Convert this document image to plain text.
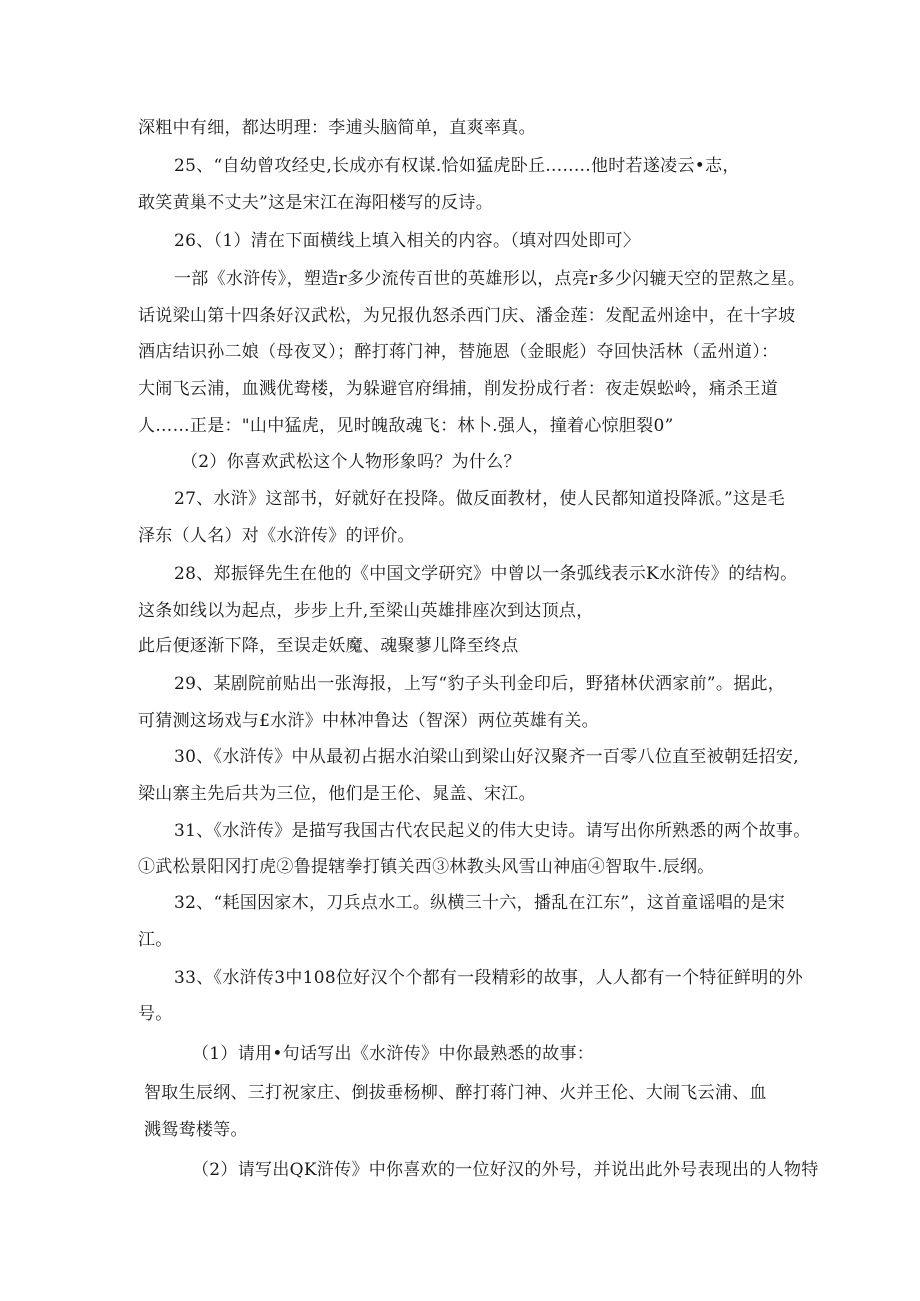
深粗中有细，都达明理：李逋头脑简单，直爽率真。
25、“自幼曾攻经史,长成亦有权谋.恰如猛虎卧丘........他时若遂凌云•志，
敢笑黄巢不丈夫”这是宋江在海阳楼写的反诗。
26、（1）清在下面横线上填入相关的内容。（填对四处即可〉
一部《水浒传》，塑造r多少流传百世的英雄形以，点亮r多少闪辘天空的罡熬之星。
话说梁山第十四条好汉武松，为兄报仇怒杀西门庆、潘金莲：发配孟州途中，在十字坡
酒店结识孙二娘（母夜叉）；醉打蒋门神，替施恩（金眼彪）夺回快活林（孟州道）：
大闹飞云浦，血溅优鸯楼，为躲避官府缉捕，削发扮成行者：夜走娱蚣岭，痛杀王道
人……正是："山中猛虎，见时魄敌魂飞：林卜.强人，撞着心惊胆裂0”
（2）你喜欢武松这个人物形象吗？为什么？
27、水浒》这部书，好就好在投降。做反面教材，使人民都知道投降派。”这是毛
泽东（人名）对《水浒传》的评价。
28、郑振铎先生在他的《中国文学研究》中曾以一条弧线表示K水浒传》的结构。
这条如线以为起点，步步上升,至梁山英雄排座次到达顶点，
此后便逐渐下降，至误走妖魔、魂聚蓼儿降至终点
29、某剧院前贴出一张海报，上写“豹子头刊金印后，野猪林伏洒家前”。据此，
可猜测这场戏与£水浒》中林冲鲁达（智深）两位英雄有关。
30、《水浒传》中从最初占据水泊梁山到梁山好汉聚齐一百零八位直至被朝廷招安,
梁山寨主先后共为三位，他们是王伦、晁盖、宋江。
31、《水浒传》是描写我国古代农民起义的伟大史诗。请写出你所熟悉的两个故事。
①武松景阳冈打虎②鲁提辖拳打镇关西③林教头风雪山神庙④智取牛.辰纲。
32、“耗国因家木，刀兵点水工。纵横三十六，播乱在江东”，这首童谣唱的是宋
江。
33、《水浒传3中108位好汉个个都有一段精彩的故事，人人都有一个特征鲜明的外
号。
（1）请用•句话写出《水浒传》中你最熟悉的故事：
智取生辰纲、三打祝家庄、倒拔垂杨柳、醉打蒋门神、火并王伦、大闹飞云浦、血
溅鸳鸯楼等。
（2）请写出QK浒传》中你喜欢的一位好汉的外号，并说出此外号表现出的人物特
